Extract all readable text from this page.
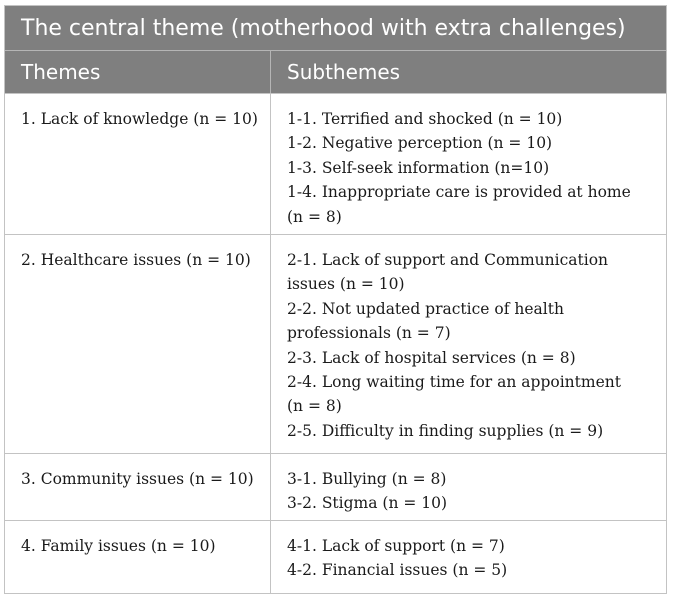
The central theme (motherhood with extra challenges)
Themes	Subthemes
1. Lack of knowledge (n = 10)	1-1. Terrified and shocked (n = 10)
1-2. Negative perception (n = 10)
1-3. Self-seek information (n=10)
1-4. Inappropriate care is provided at home
(n = 8)
2. Healthcare issues (n = 10)	2-1. Lack of support and Communication
issues (n = 10)
2-2. Not updated practice of health
professionals (n = 7)
2-3. Lack of hospital services (n = 8)
2-4. Long waiting time for an appointment
(n = 8)
2-5. Difficulty in finding supplies (n = 9)
3. Community issues (n = 10)	3-1. Bullying (n = 8)
3-2. Stigma (n = 10)
4. Family issues (n = 10)	4-1. Lack of support (n = 7)
4-2. Financial issues (n = 5)
